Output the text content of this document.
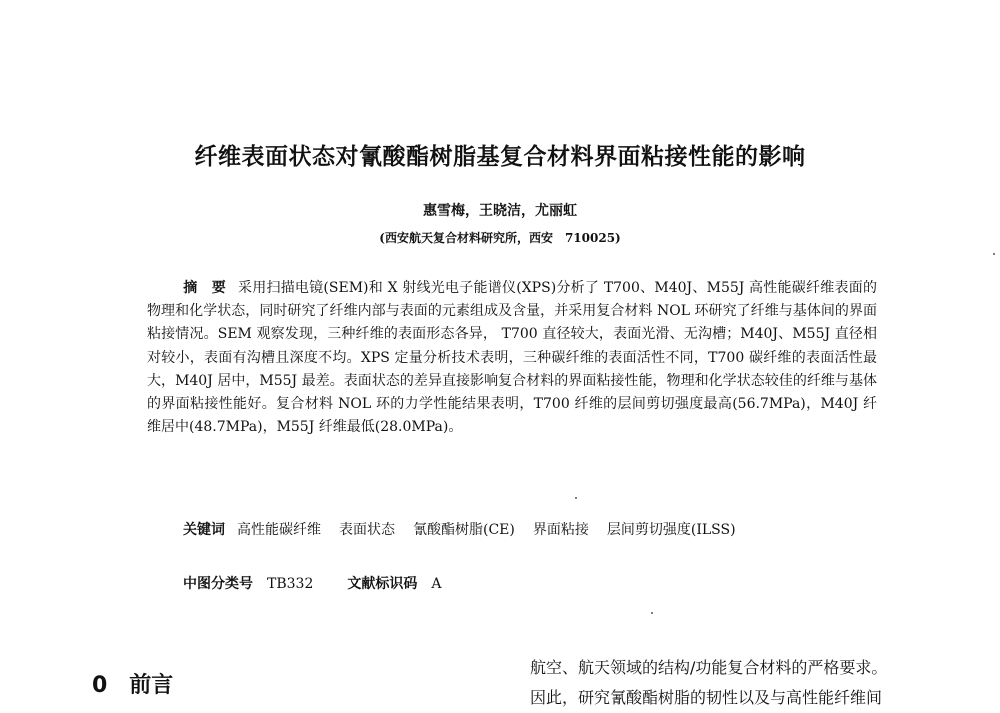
纤维表面状态对氰酸酯树脂基复合材料界面粘接性能的影响
惠雪梅，王晓洁，尤丽虹
(西安航天复合材料研究所，西安　710025)
摘　要 采用扫描电镜(SEM)和 X 射线光电子能谱仪(XPS)分析了 T700、M40J、M55J 高性能碳纤维表面的物理和化学状态，同时研究了纤维内部与表面的元素组成及含量，并采用复合材料 NOL 环研究了纤维与基体间的界面粘接情况。SEM 观察发现，三种纤维的表面形态各异， T700 直径较大，表面光滑、无沟槽；M40J、M55J 直径相对较小，表面有沟槽且深度不均。XPS 定量分析技术表明，三种碳纤维的表面活性不同，T700 碳纤维的表面活性最大，M40J 居中，M55J 最差。表面状态的差异直接影响复合材料的界面粘接性能，物理和化学状态较佳的纤维与基体的界面粘接性能好。复合材料 NOL 环的力学性能结果表明，T700 纤维的层间剪切强度最高(56.7MPa)，M40J 纤维居中(48.7MPa)，M55J 纤维最低(28.0MPa)。
关键词 高性能碳纤维 表面状态 氰酸酯树脂(CE) 界面粘接 层间剪切强度(ILSS)
中图分类号 TB332 文献标识码 A
0　前言
航空、航天领域的结构/功能复合材料的严格要求。
因此，研究氰酸酯树脂的韧性以及与高性能纤维间
